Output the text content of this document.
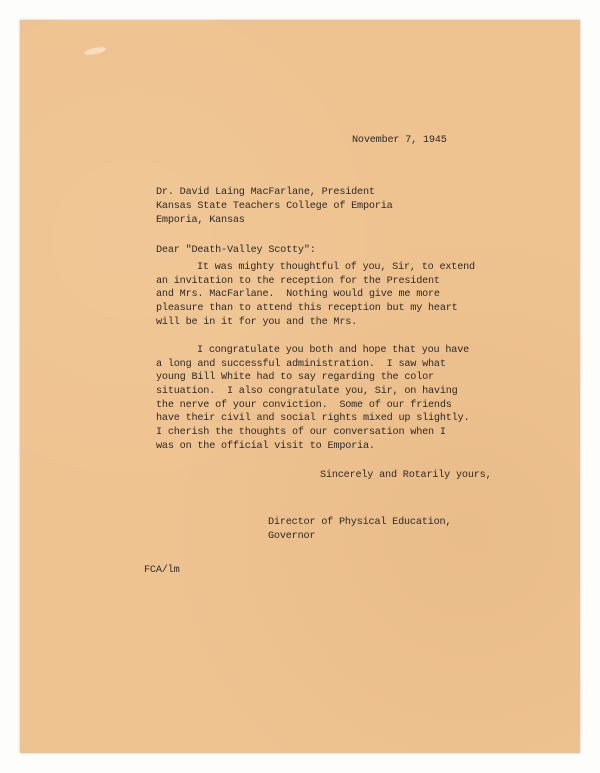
November 7, 1945
Dr. David Laing MacFarlane, President
Kansas State Teachers College of Emporia
Emporia, Kansas
Dear "Death-Valley Scotty":
It was mighty thoughtful of you, Sir, to extend
an invitation to the reception for the President
and Mrs. MacFarlane.  Nothing would give me more
pleasure than to attend this reception but my heart
will be in it for you and the Mrs.
I congratulate you both and hope that you have
a long and successful administration.  I saw what
young Bill White had to say regarding the color
situation.  I also congratulate you, Sir, on having
the nerve of your conviction.  Some of our friends
have their civil and social rights mixed up slightly.
I cherish the thoughts of our conversation when I
was on the official visit to Emporia.
Sincerely and Rotarily yours,
Director of Physical Education,
Governor
FCA/lm
